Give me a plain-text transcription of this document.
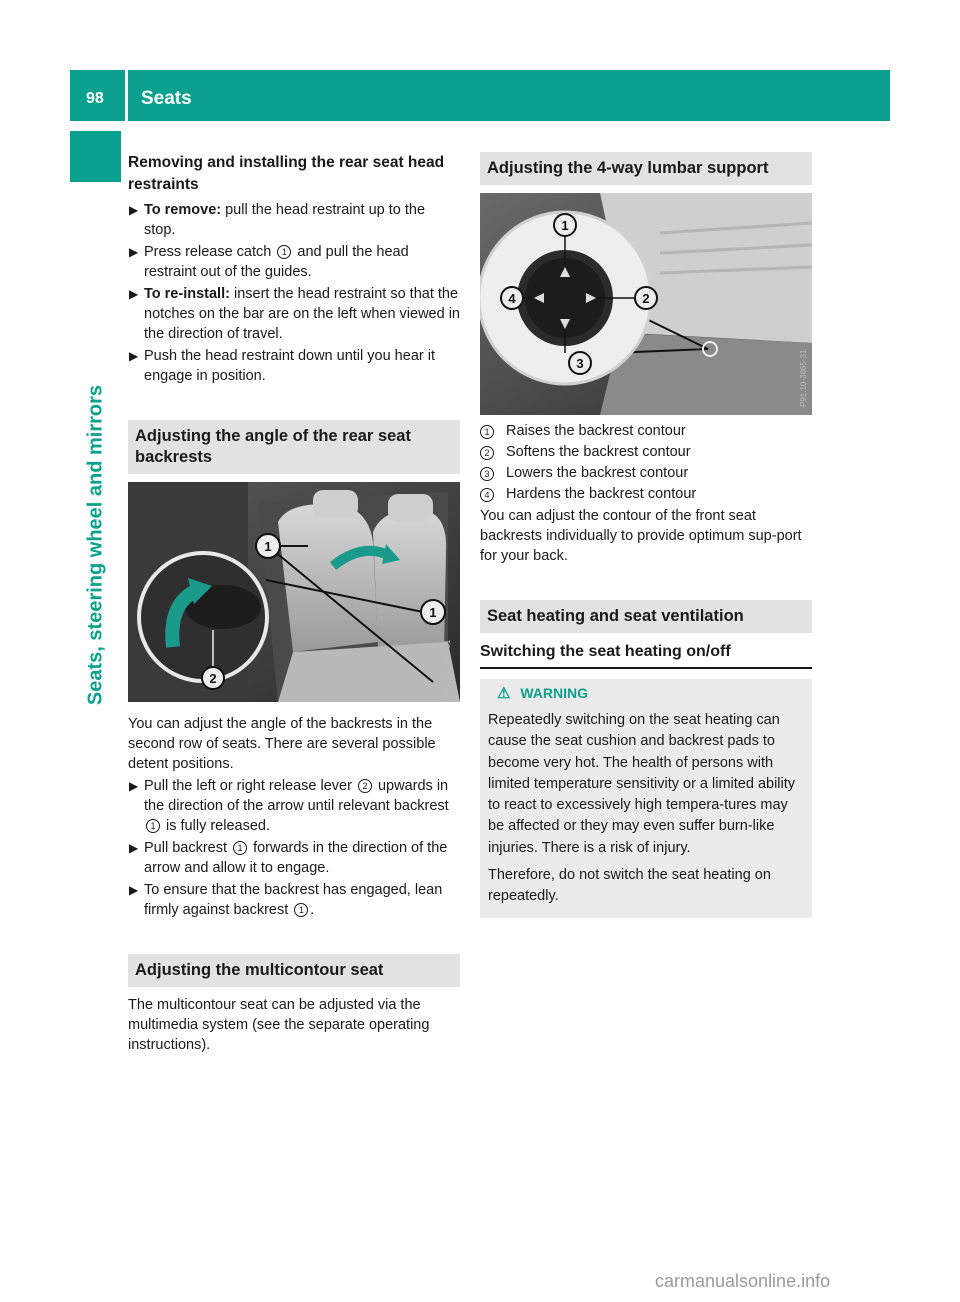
98 Seats
Seats, steering wheel and mirrors
Removing and installing the rear seat head restraints
▶ To remove: pull the head restraint up to the stop.
▶ Press release catch 1 and pull the head restraint out of the guides.
▶ To re-install: insert the head restraint so that the notches on the bar are on the left when viewed in the direction of travel.
▶ Push the head restraint down until you hear it engage in position.
Adjusting the angle of the rear seat backrests
1
1
2	P91.70-2835-31

You can adjust the angle of the backrests in the second row of seats. There are several possible detent positions.

▶ Pull the left or right release lever 2 upwards in the direction of the arrow until relevant backrest 1 is fully released.
▶ Pull backrest 1 forwards in the direction of the arrow and allow it to engage.
▶ To ensure that the backrest has engaged, lean firmly against backrest 1 .
Adjusting the multicontour seat

The multicontour seat can be adjusted via the multimedia system (see the separate operating instructions).

Adjusting the 4-way lumbar support
1
2
3
4
P91.10-3865-31
1	Raises the backrest contour
2	Softens the backrest contour
3	Lowers the backrest contour
4	Hardens the backrest contour

You can adjust the contour of the front seat backrests individually to provide optimum sup-port for your back.

Seat heating and seat ventilation
Switching the seat heating on/off
⚠ WARNING

Repeatedly switching on the seat heating can cause the seat cushion and backrest pads to become very hot. The health of persons with limited temperature sensitivity or a limited ability to react to excessively high tempera-tures may be affected or they may even suffer burn-like injuries. There is a risk of injury.

Therefore, do not switch the seat heating on repeatedly.

carmanualsonline.info
